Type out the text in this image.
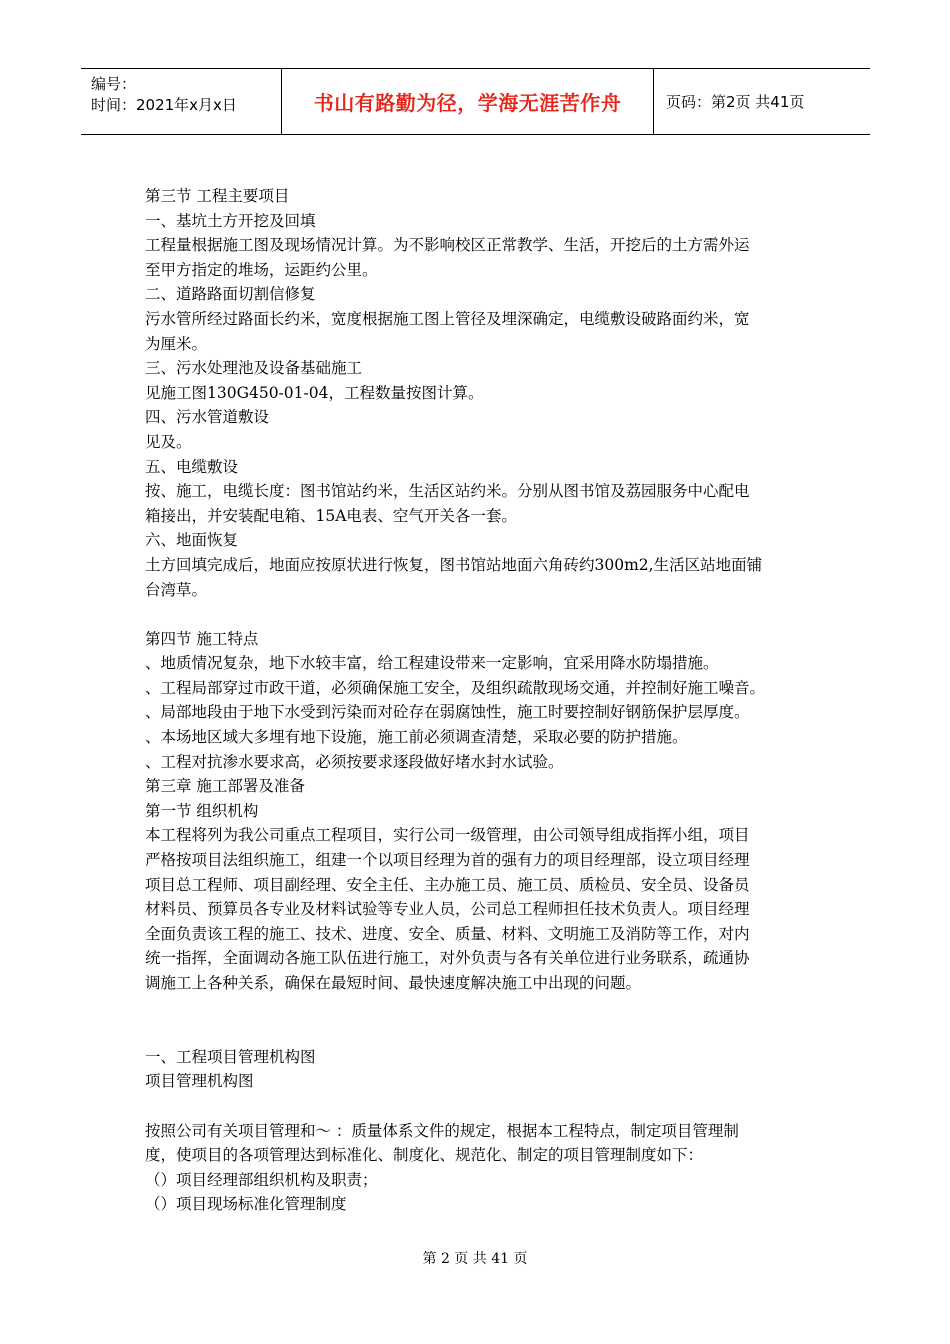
编号：
时间：2021年x月x日	书山有路勤为径，学海无涯苦作舟	页码：第2页 共41页
第三节 工程主要项目
一、基坑土方开挖及回填
工程量根据施工图及现场情况计算。为不影响校区正常教学、生活，开挖后的土方需外运
至甲方指定的堆场，运距约公里。
二、道路路面切割信修复
污水管所经过路面长约米，宽度根据施工图上管径及埋深确定，电缆敷设破路面约米，宽
为厘米。
三、污水处理池及设备基础施工
见施工图130G450-01-04，工程数量按图计算。
四、污水管道敷设
见及。
五、电缆敷设
按、施工，电缆长度：图书馆站约米，生活区站约米。分别从图书馆及荔园服务中心配电
箱接出，并安装配电箱、15A电表、空气开关各一套。
六、地面恢复
土方回填完成后，地面应按原状进行恢复，图书馆站地面六角砖约300m2,生活区站地面铺
台湾草。
第四节 施工特点
、地质情况复杂，地下水较丰富，给工程建设带来一定影响，宜采用降水防塌措施。
、工程局部穿过市政干道，必须确保施工安全，及组织疏散现场交通，并控制好施工噪音。
、局部地段由于地下水受到污染而对砼存在弱腐蚀性，施工时要控制好钢筋保护层厚度。
、本场地区域大多埋有地下设施，施工前必须调查清楚，采取必要的防护措施。
、工程对抗渗水要求高，必须按要求逐段做好堵水封水试验。
第三章 施工部署及准备
第一节 组织机构
本工程将列为我公司重点工程项目，实行公司一级管理，由公司领导组成指挥小组，项目
严格按项目法组织施工，组建一个以项目经理为首的强有力的项目经理部，设立项目经理
项目总工程师、项目副经理、安全主任、主办施工员、施工员、质检员、安全员、设备员
材料员、预算员各专业及材料试验等专业人员，公司总工程师担任技术负责人。项目经理
全面负责该工程的施工、技术、进度、安全、质量、材料、文明施工及消防等工作，对内
统一指挥，全面调动各施工队伍进行施工，对外负责与各有关单位进行业务联系，疏通协
调施工上各种关系，确保在最短时间、最快速度解决施工中出现的问题。
一、工程项目管理机构图
项目管理机构图
按照公司有关项目管理和～ ：质量体系文件的规定，根据本工程特点，制定项目管理制
度，使项目的各项管理达到标准化、制度化、规范化、制定的项目管理制度如下：
（）项目经理部组织机构及职责；
（）项目现场标准化管理制度
第 2 页 共 41 页
